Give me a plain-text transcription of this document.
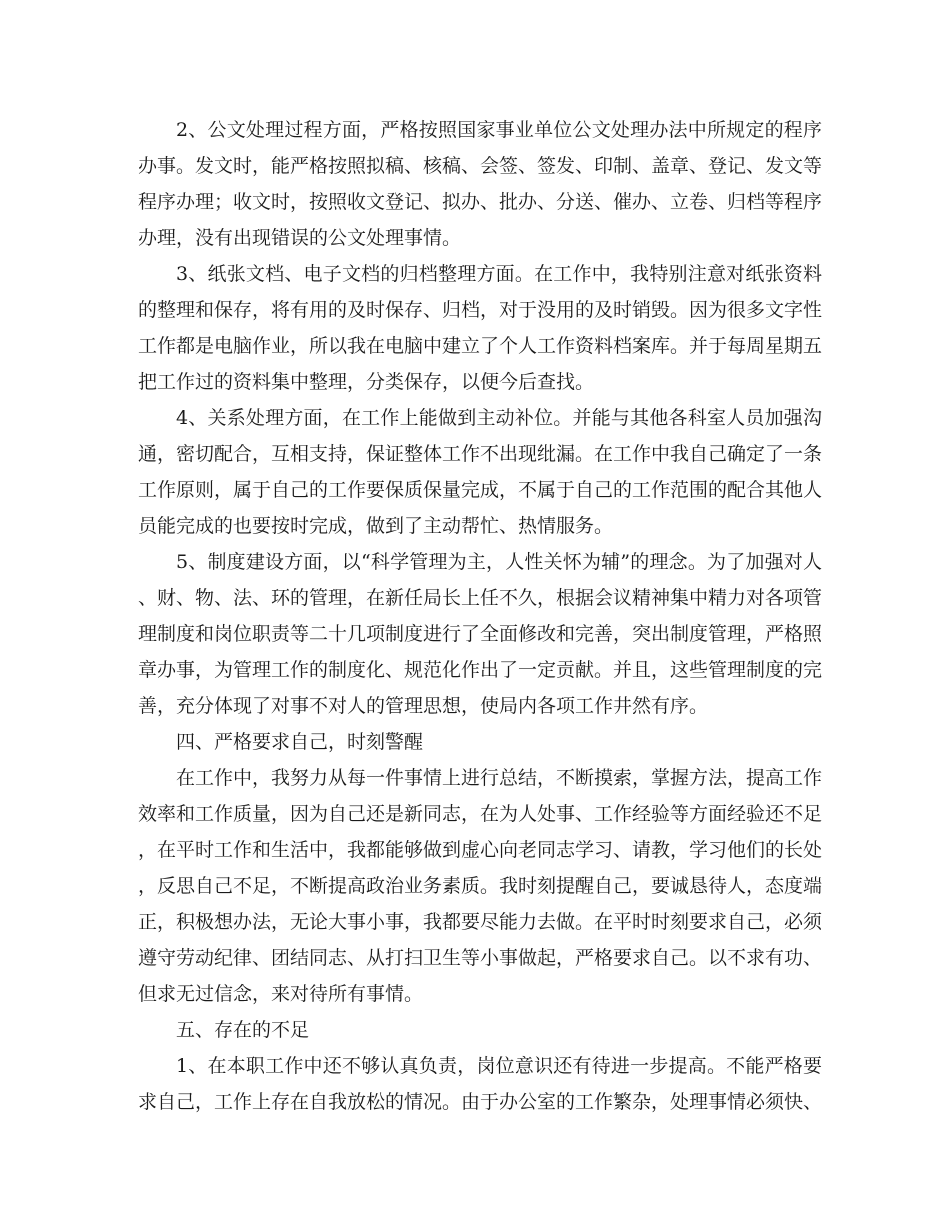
2、公文处理过程方面，严格按照国家事业单位公文处理办法中所规定的程序办事。发文时，能严格按照拟稿、核稿、会签、签发、印制、盖章、登记、发文等程序办理；收文时，按照收文登记、拟办、批办、分送、催办、立卷、归档等程序办理，没有出现错误的公文处理事情。

3、纸张文档、电子文档的归档整理方面。在工作中，我特别注意对纸张资料的整理和保存，将有用的及时保存、归档，对于没用的及时销毁。因为很多文字性工作都是电脑作业，所以我在电脑中建立了个人工作资料档案库。并于每周星期五把工作过的资料集中整理，分类保存，以便今后查找。

4、关系处理方面，在工作上能做到主动补位。并能与其他各科室人员加强沟通，密切配合，互相支持，保证整体工作不出现纰漏。在工作中我自己确定了一条工作原则，属于自己的工作要保质保量完成，不属于自己的工作范围的配合其他人员能完成的也要按时完成，做到了主动帮忙、热情服务。

5、制度建设方面，以“科学管理为主，人性关怀为辅”的理念。为了加强对人、财、物、法、环的管理，在新任局长上任不久，根据会议精神集中精力对各项管理制度和岗位职责等二十几项制度进行了全面修改和完善，突出制度管理，严格照章办事，为管理工作的制度化、规范化作出了一定贡献。并且，这些管理制度的完善，充分体现了对事不对人的管理思想，使局内各项工作井然有序。

四、严格要求自己，时刻警醒

在工作中，我努力从每一件事情上进行总结，不断摸索，掌握方法，提高工作效率和工作质量，因为自己还是新同志，在为人处事、工作经验等方面经验还不足，在平时工作和生活中，我都能够做到虚心向老同志学习、请教，学习他们的长处，反思自己不足，不断提高政治业务素质。我时刻提醒自己，要诚恳待人，态度端正，积极想办法，无论大事小事，我都要尽能力去做。在平时时刻要求自己，必须遵守劳动纪律、团结同志、从打扫卫生等小事做起，严格要求自己。以不求有功、但求无过信念，来对待所有事情。

五、存在的不足

1、在本职工作中还不够认真负责，岗位意识还有待进一步提高。不能严格要求自己，工作上存在自我放松的情况。由于办公室的工作繁杂，处理事情必须快、
